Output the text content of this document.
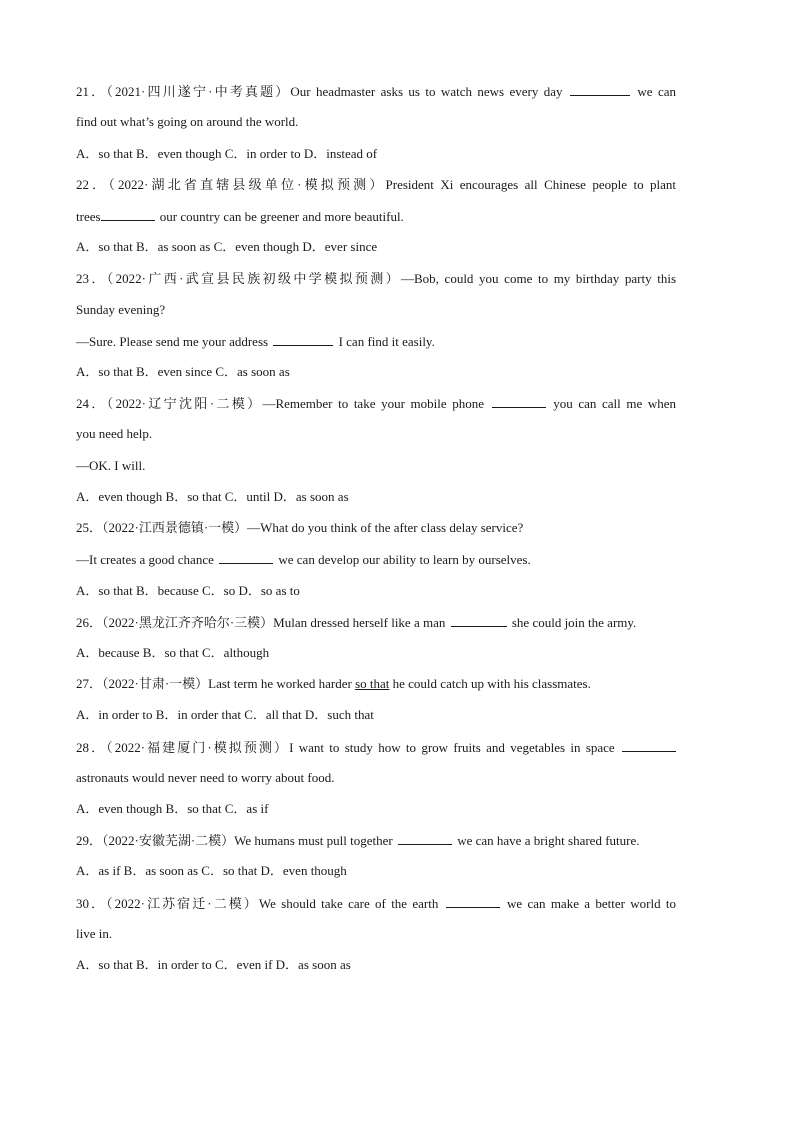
21．（2021·四川遂宁·中考真题）Our headmaster asks us to watch news every day	we can
find out what’s going on around the world.
A．so that B．even though C．in order to D．instead of
22．（2022·湖北省直辖县级单位·模拟预测）President Xi encourages all Chinese people to plant
trees	our country can be greener and more beautiful.
A．so that B．as soon as C．even though D．ever since
23．（2022·广西·武宣县民族初级中学模拟预测）—Bob, could you come to my birthday party this
Sunday evening?
—Sure. Please send me your address	I can find it easily.
A．so that B．even since C．as soon as
24．（2022·辽宁沈阳·二模）—Remember to take your mobile phone	you can call me when
you need help.
—OK. I will.
A．even though B．so that C．until D．as soon as
25．（2022·江西景德镇·一模）—What do you think of the after class delay service?
—It creates a good chance	we can develop our ability to learn by ourselves.
A．so that B．because C．so D．so as to
26．（2022·黑龙江齐齐哈尔·三模）Mulan dressed herself like a man	she could join the army.
A．because B．so that C．although
27．（2022·甘肃·一模）Last term he worked harder so that he could catch up with his classmates.
A．in order to B．in order that C．all that D．such that
28．（2022·福建厦门·模拟预测）I want to study how to grow fruits and vegetables in space
astronauts would never need to worry about food.
A．even though B．so that C．as if
29．（2022·安徽芜湖·二模）We humans must pull together	we can have a bright shared future.
A．as if B．as soon as C．so that D．even though
30．（2022·江苏宿迁·二模）We should take care of the earth	we can make a better world to
live in.
A．so that B．in order to C．even if D．as soon as
